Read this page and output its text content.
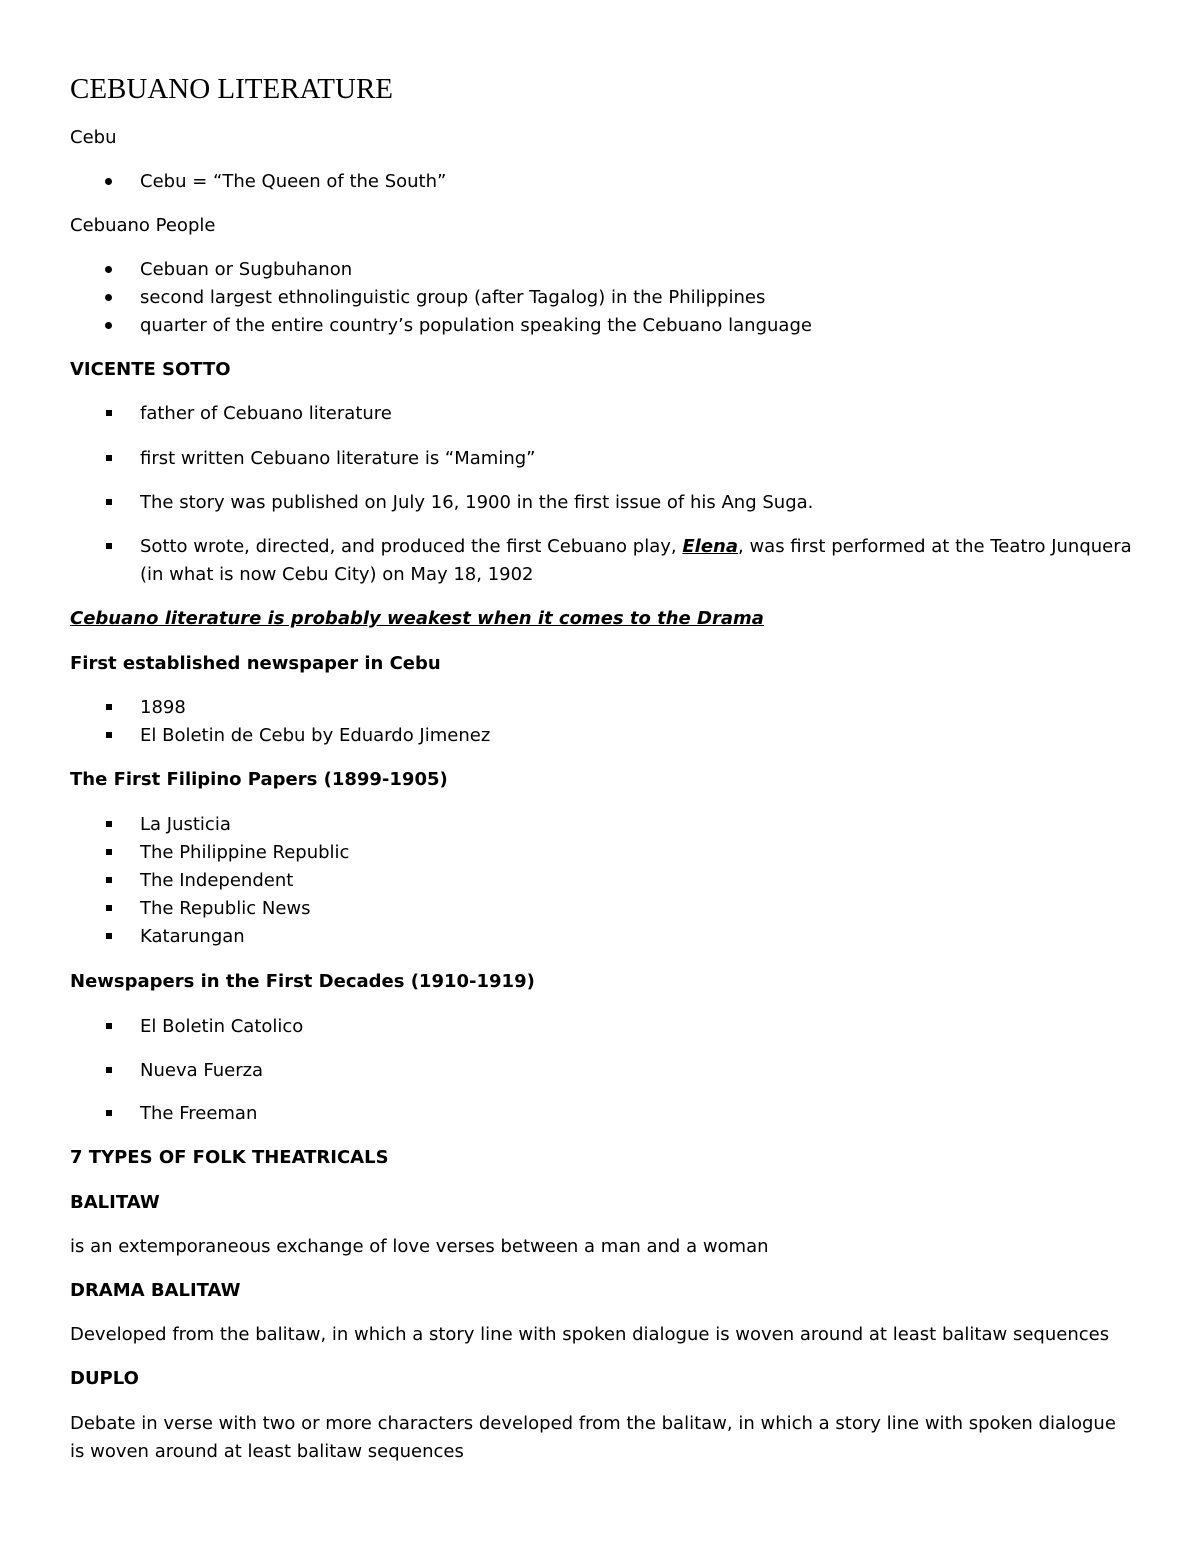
CEBUANO LITERATURE
Cebu
Cebu = “The Queen of the South”
Cebuano People
Cebuan or Sugbuhanon
second largest ethnolinguistic group (after Tagalog) in the Philippines
quarter of the entire country’s population speaking the Cebuano language
VICENTE SOTTO
father of Cebuano literature
first written Cebuano literature is “Maming”
The story was published on July 16, 1900 in the first issue of his Ang Suga.
Sotto wrote, directed, and produced the first Cebuano play, Elena, was first performed at the Teatro Junquera (in what is now Cebu City) on May 18, 1902
Cebuano literature is probably weakest when it comes to the Drama
First established newspaper in Cebu
1898
El Boletin de Cebu by Eduardo Jimenez
The First Filipino Papers (1899-1905)
La Justicia
The Philippine Republic
The Independent
The Republic News
Katarungan
Newspapers in the First Decades (1910-1919)
El Boletin Catolico
Nueva Fuerza
The Freeman
7 TYPES OF FOLK THEATRICALS
BALITAW
is an extemporaneous exchange of love verses between a man and a woman
DRAMA BALITAW
Developed from the balitaw, in which a story line with spoken dialogue is woven around at least balitaw sequences
DUPLO
Debate in verse with two or more characters developed from the balitaw, in which a story line with spoken dialogue is woven around at least balitaw sequences
